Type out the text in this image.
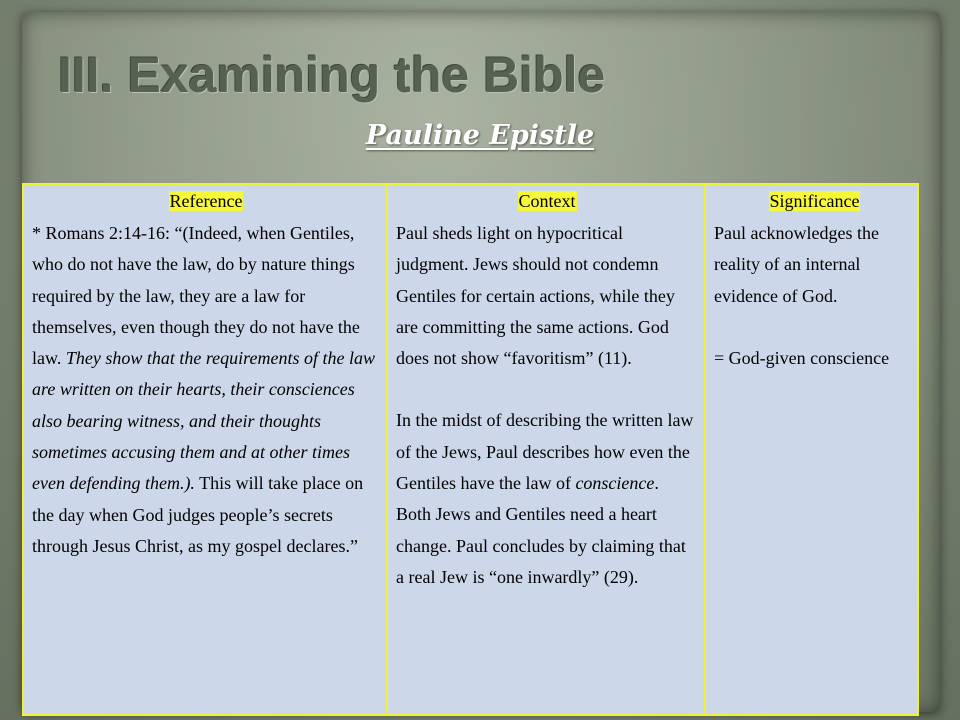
III. Examining the Bible
Pauline Epistle
Reference

* Romans 2:14-16: “(Indeed, when Gentiles, who do not have the law, do by nature things required by the law, they are a law for themselves, even though they do not have the law. They show that the requirements of the law are written on their hearts, their consciences also bearing witness, and their thoughts sometimes accusing them and at other times even defending them.). This will take place on the day when God judges people’s secrets through Jesus Christ, as my gospel declares.”

Context

Paul sheds light on hypocritical judgment. Jews should not condemn Gentiles for certain actions, while they are committing the same actions. God does not show “favoritism” (11).

In the midst of describing the written law of the Jews, Paul describes how even the Gentiles have the law of conscience. Both Jews and Gentiles need a heart change. Paul concludes by claiming that a real Jew is “one inwardly” (29).

Significance

Paul acknowledges the reality of an internal evidence of God.

= God-given conscience
